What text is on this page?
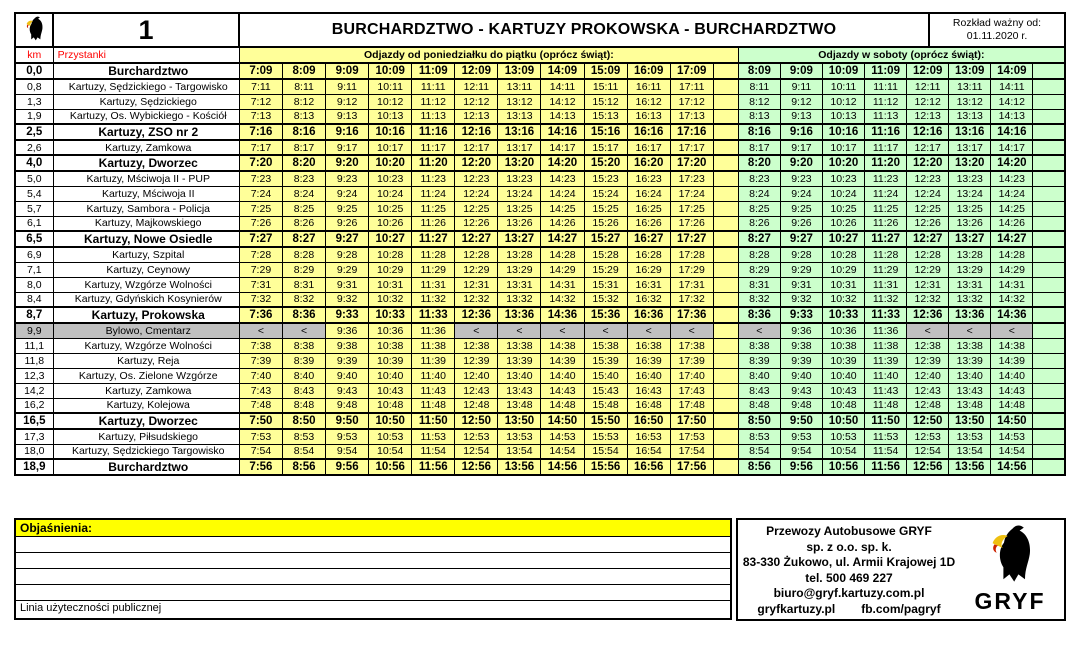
1	BURCHARDZTWO - KARTUZY PROKOWSKA - BURCHARDZTWO	Rozkład ważny od:
01.11.2020 r.
km	Przystanki	Odjazdy od poniedziałku do piątku (oprócz świąt):												Odjazdy w soboty (oprócz świąt):							
0,0	Burchardztwo	7:09	8:09	9:09	10:09	11:09	12:09	13:09	14:09	15:09	16:09	17:09		8:09	9:09	10:09	11:09	12:09	13:09	14:09	
0,8	Kartuzy, Sędzickiego - Targowisko	7:11	8:11	9:11	10:11	11:11	12:11	13:11	14:11	15:11	16:11	17:11		8:11	9:11	10:11	11:11	12:11	13:11	14:11	
1,3	Kartuzy, Sędzickiego	7:12	8:12	9:12	10:12	11:12	12:12	13:12	14:12	15:12	16:12	17:12		8:12	9:12	10:12	11:12	12:12	13:12	14:12	
1,9	Kartuzy, Os. Wybickiego - Kościół	7:13	8:13	9:13	10:13	11:13	12:13	13:13	14:13	15:13	16:13	17:13		8:13	9:13	10:13	11:13	12:13	13:13	14:13	
2,5	Kartuzy, ZSO nr 2	7:16	8:16	9:16	10:16	11:16	12:16	13:16	14:16	15:16	16:16	17:16		8:16	9:16	10:16	11:16	12:16	13:16	14:16	
2,6	Kartuzy, Zamkowa	7:17	8:17	9:17	10:17	11:17	12:17	13:17	14:17	15:17	16:17	17:17		8:17	9:17	10:17	11:17	12:17	13:17	14:17	
4,0	Kartuzy, Dworzec	7:20	8:20	9:20	10:20	11:20	12:20	13:20	14:20	15:20	16:20	17:20		8:20	9:20	10:20	11:20	12:20	13:20	14:20	
5,0	Kartuzy, Mściwoja II - PUP	7:23	8:23	9:23	10:23	11:23	12:23	13:23	14:23	15:23	16:23	17:23		8:23	9:23	10:23	11:23	12:23	13:23	14:23	
5,4	Kartuzy, Mściwoja II	7:24	8:24	9:24	10:24	11:24	12:24	13:24	14:24	15:24	16:24	17:24		8:24	9:24	10:24	11:24	12:24	13:24	14:24	
5,7	Kartuzy, Sambora - Policja	7:25	8:25	9:25	10:25	11:25	12:25	13:25	14:25	15:25	16:25	17:25		8:25	9:25	10:25	11:25	12:25	13:25	14:25	
6,1	Kartuzy, Majkowskiego	7:26	8:26	9:26	10:26	11:26	12:26	13:26	14:26	15:26	16:26	17:26		8:26	9:26	10:26	11:26	12:26	13:26	14:26	
6,5	Kartuzy, Nowe Osiedle	7:27	8:27	9:27	10:27	11:27	12:27	13:27	14:27	15:27	16:27	17:27		8:27	9:27	10:27	11:27	12:27	13:27	14:27	
6,9	Kartuzy, Szpital	7:28	8:28	9:28	10:28	11:28	12:28	13:28	14:28	15:28	16:28	17:28		8:28	9:28	10:28	11:28	12:28	13:28	14:28	
7,1	Kartuzy, Ceynowy	7:29	8:29	9:29	10:29	11:29	12:29	13:29	14:29	15:29	16:29	17:29		8:29	9:29	10:29	11:29	12:29	13:29	14:29	
8,0	Kartuzy, Wzgórze Wolności	7:31	8:31	9:31	10:31	11:31	12:31	13:31	14:31	15:31	16:31	17:31		8:31	9:31	10:31	11:31	12:31	13:31	14:31	
8,4	Kartuzy, Gdyńskich Kosynierów	7:32	8:32	9:32	10:32	11:32	12:32	13:32	14:32	15:32	16:32	17:32		8:32	9:32	10:32	11:32	12:32	13:32	14:32	
8,7	Kartuzy, Prokowska	7:36	8:36	9:33	10:33	11:33	12:36	13:36	14:36	15:36	16:36	17:36		8:36	9:33	10:33	11:33	12:36	13:36	14:36	
9,9	Bylowo, Cmentarz	<	<	9:36	10:36	11:36	<	<	<	<	<	<		<	9:36	10:36	11:36	<	<	<	
11,1	Kartuzy, Wzgórze Wolności	7:38	8:38	9:38	10:38	11:38	12:38	13:38	14:38	15:38	16:38	17:38		8:38	9:38	10:38	11:38	12:38	13:38	14:38	
11,8	Kartuzy, Reja	7:39	8:39	9:39	10:39	11:39	12:39	13:39	14:39	15:39	16:39	17:39		8:39	9:39	10:39	11:39	12:39	13:39	14:39	
12,3	Kartuzy, Os. Zielone Wzgórze	7:40	8:40	9:40	10:40	11:40	12:40	13:40	14:40	15:40	16:40	17:40		8:40	9:40	10:40	11:40	12:40	13:40	14:40	
14,2	Kartuzy, Zamkowa	7:43	8:43	9:43	10:43	11:43	12:43	13:43	14:43	15:43	16:43	17:43		8:43	9:43	10:43	11:43	12:43	13:43	14:43	
16,2	Kartuzy, Kolejowa	7:48	8:48	9:48	10:48	11:48	12:48	13:48	14:48	15:48	16:48	17:48		8:48	9:48	10:48	11:48	12:48	13:48	14:48	
16,5	Kartuzy, Dworzec	7:50	8:50	9:50	10:50	11:50	12:50	13:50	14:50	15:50	16:50	17:50		8:50	9:50	10:50	11:50	12:50	13:50	14:50	
17,3	Kartuzy, Piłsudskiego	7:53	8:53	9:53	10:53	11:53	12:53	13:53	14:53	15:53	16:53	17:53		8:53	9:53	10:53	11:53	12:53	13:53	14:53	
18,0	Kartuzy, Sędzickiego Targowisko	7:54	8:54	9:54	10:54	11:54	12:54	13:54	14:54	15:54	16:54	17:54		8:54	9:54	10:54	11:54	12:54	13:54	14:54	
18,9	Burchardztwo	7:56	8:56	9:56	10:56	11:56	12:56	13:56	14:56	15:56	16:56	17:56		8:56	9:56	10:56	11:56	12:56	13:56	14:56	
Objaśnienia:
Linia użyteczności publicznej
Przewozy Autobusowe GRYF
sp. z o.o. sp. k.
83-330 Żukowo, ul. Armii Krajowej 1D
tel. 500 469 227
biuro@gryf.kartuzy.com.pl
gryfkartuzy.pl fb.com/pagryf GRYF
